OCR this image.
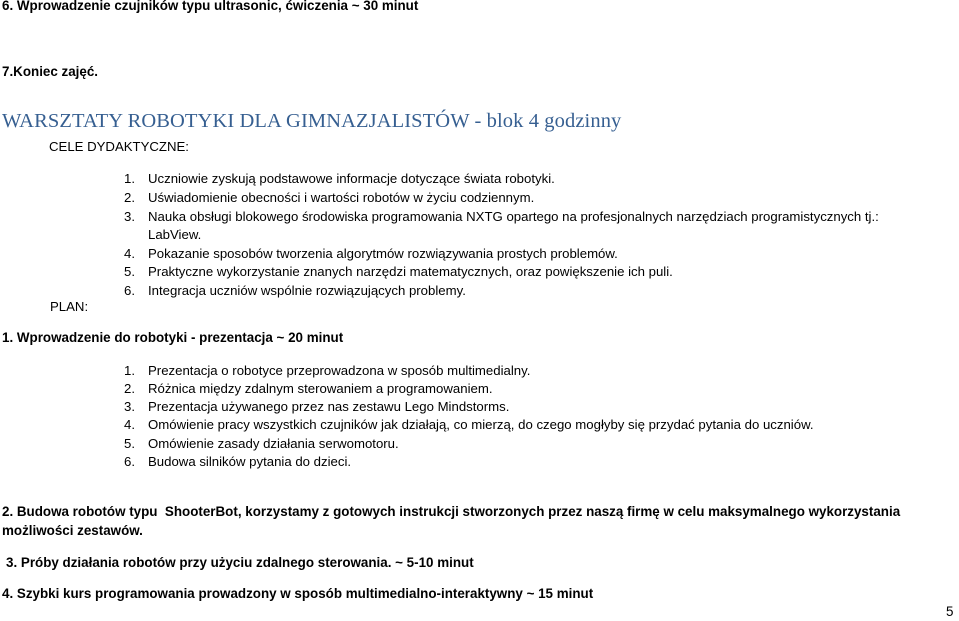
6. Wprowadzenie czujników typu ultrasonic, ćwiczenia ~ 30 minut
7.Koniec zajęć.
WARSZTATY ROBOTYKI DLA GIMNAZJALISTÓW - blok 4 godzinny
CELE DYDAKTYCZNE:
1. Uczniowie zyskują podstawowe informacje dotyczące świata robotyki.
2. Uświadomienie obecności i wartości robotów w życiu codziennym.
3. Nauka obsługi blokowego środowiska programowania NXTG opartego na profesjonalnych narzędziach programistycznych tj.:
LabView.
4. Pokazanie sposobów tworzenia algorytmów rozwiązywania prostych problemów.
5. Praktyczne wykorzystanie znanych narzędzi matematycznych, oraz powiększenie ich puli.
6. Integracja uczniów wspólnie rozwiązujących problemy.
PLAN:
1. Wprowadzenie do robotyki - prezentacja ~ 20 minut
1. Prezentacja o robotyce przeprowadzona w sposób multimedialny.
2. Różnica między zdalnym sterowaniem a programowaniem.
3. Prezentacja używanego przez nas zestawu Lego Mindstorms.
4. Omówienie pracy wszystkich czujników jak działają, co mierzą, do czego mogłyby się przydać pytania do uczniów.
5. Omówienie zasady działania serwomotoru.
6. Budowa silników pytania do dzieci.
2. Budowa robotów typu  ShooterBot, korzystamy z gotowych instrukcji stworzonych przez naszą firmę w celu maksymalnego wykorzystania
możliwości zestawów.
3. Próby działania robotów przy użyciu zdalnego sterowania. ~ 5-10 minut
4. Szybki kurs programowania prowadzony w sposób multimedialno-interaktywny ~ 15 minut
5
